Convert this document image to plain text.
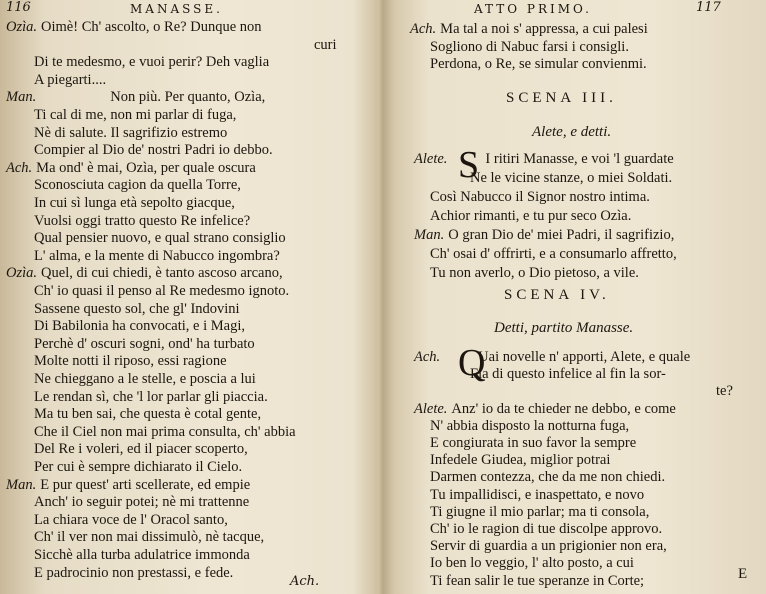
116	MANASSE.
Ozìa. Oimè! Ch' ascolto, o Re? Dunque non
curi
Di te medesmo, e vuoi perir? Deh vaglia
A piegarti....
Man.	Non più. Per quanto, Ozìa,
Ti cal di me, non mi parlar di fuga,
Nè di salute. Il sagrifizio estremo
Compier al Dio de' nostri Padri io debbo.
Ach. Ma ond' è mai, Ozìa, per quale oscura
Sconosciuta cagion da quella Torre,
In cui sì lunga età sepolto giacque,
Vuolsi oggi tratto questo Re infelice?
Qual pensier nuovo, e qual strano consiglio
L' alma, e la mente di Nabucco ingombra?
Ozìa. Quel, di cui chiedi, è tanto ascoso arcano,
Ch' io quasi il penso al Re medesmo ignoto.
Sassene questo sol, che gl' Indovini
Di Babilonia ha convocati, e i Magi,
Perchè d' oscuri sogni, ond' ha turbato
Molte notti il riposo, essi ragione
Ne chieggano a le stelle, e poscia a lui
Le rendan sì, che 'l lor parlar gli piaccia.
Ma tu ben sai, che questa è cotal gente,
Che il Ciel non mai prima consulta, ch' abbia
Del Re i voleri, ed il piacer scoperto,
Per cui è sempre dichiarato il Cielo.
Man. E pur quest' arti scellerate, ed empie
Anch' io seguir potei; nè mi trattenne
La chiara voce de l' Oracol santo,
Ch' il ver non mai dissimulò, nè tacque,
Sicchè alla turba adulatrice immonda
E padrocinio non prestassi, e fede.
Ach.
ATTO PRIMO.	117
Ach. Ma tal a noi s' appressa, a cui palesi
Sogliono di Nabuc farsi i consigli.
Perdona, o Re, se simular convienmi.
SCENA III.
Alete, e detti.
S
Alete.	I ritiri Manasse, e voi 'l guardate
Ne le vicine stanze, o miei Soldati.
Così Nabucco il Signor nostro intima.
Achior rimanti, e tu pur seco Ozìa.
Man. O gran Dio de' miei Padri, il sagrifizio,
Ch' osai d' offrirti, e a consumarlo affretto,
Tu non averlo, o Dio pietoso, a vile.
SCENA IV.
Detti, partito Manasse.
Q
Ach.	Uai novelle n' apporti, Alete, e quale
Fia di questo infelice al fin la sor-
te?
Alete. Anz' io da te chieder ne debbo, e come
N' abbia disposto la notturna fuga,
E congiurata in suo favor la sempre
Infedele Giudea, miglior potrai
Darmen contezza, che da me non chiedi.
Tu impallidisci, e inaspettato, e novo
Ti giugne il mio parlar; ma ti consola,
Ch' io le ragion di tue discolpe approvo.
Servir di guardia a un prigionier non era,
Io ben lo veggio, l' alto posto, a cui
Ti fean salir le tue speranze in Corte;	E
